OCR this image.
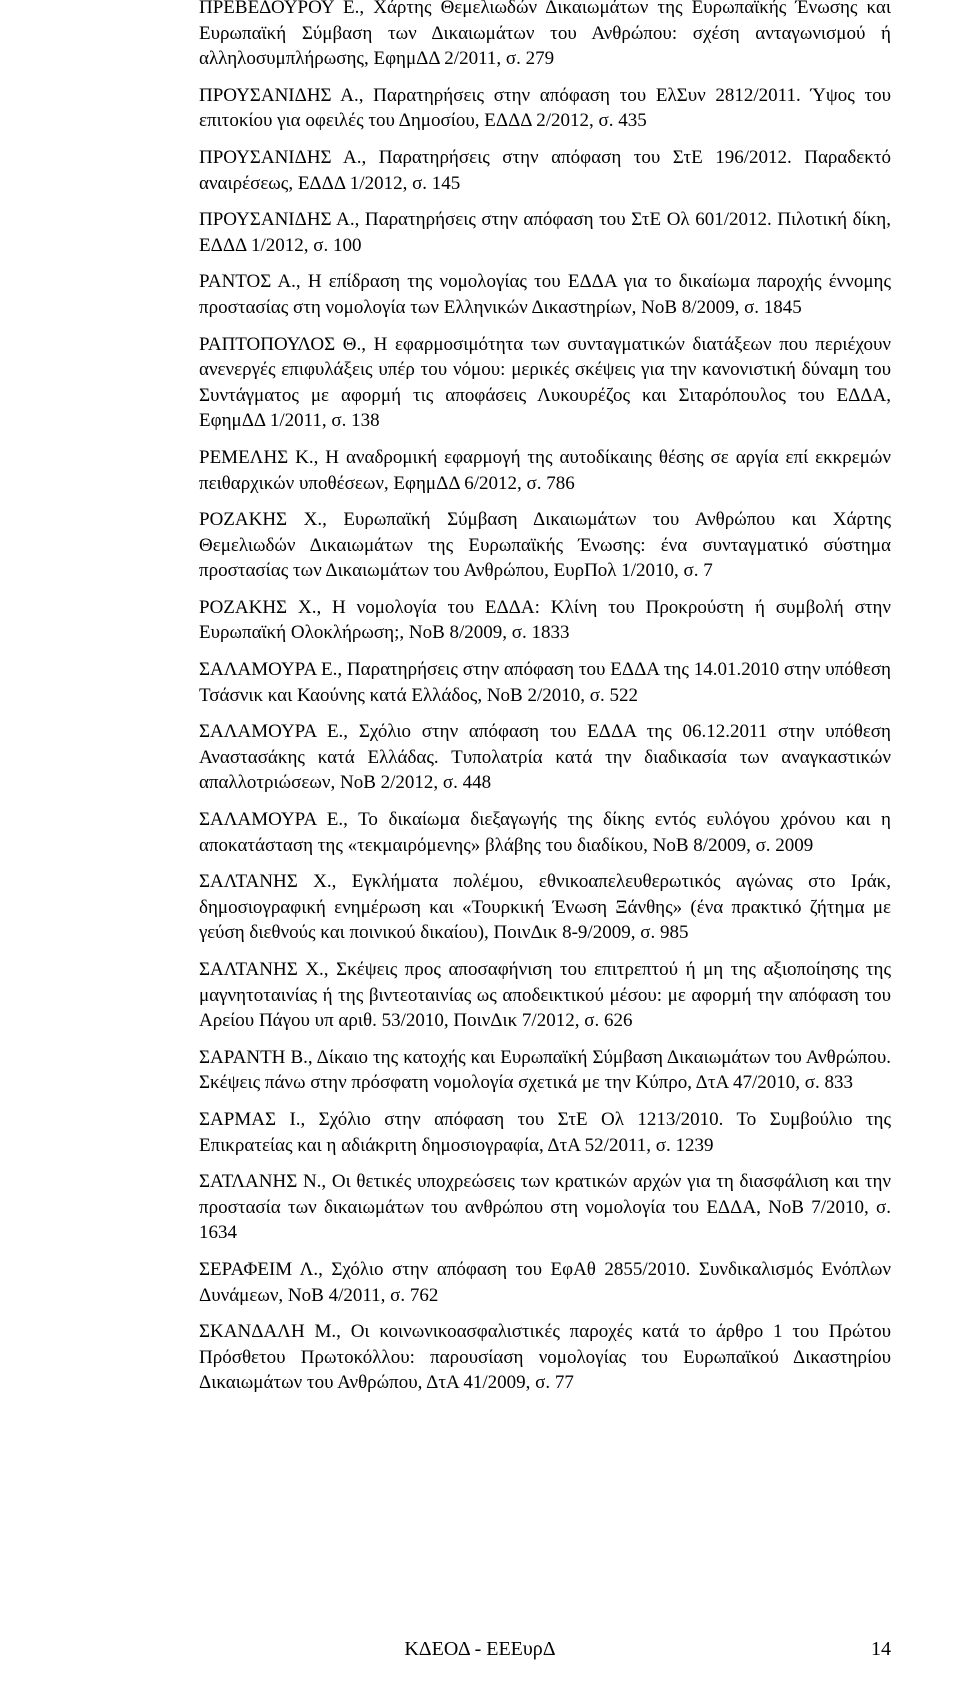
ΠΡΕΒΕΔΟΥΡΟΥ Ε., Χάρτης Θεμελιωδών Δικαιωμάτων της Ευρωπαϊκής Ένωσης και Ευρωπαϊκή Σύμβαση των Δικαιωμάτων του Ανθρώπου: σχέση ανταγωνισμού ή αλληλοσυμπλήρωσης, ΕφημΔΔ 2/2011, σ. 279
ΠΡΟΥΣΑΝΙΔΗΣ Α., Παρατηρήσεις στην απόφαση του ΕλΣυν 2812/2011. Ύψος του επιτοκίου για οφειλές του Δημοσίου, ΕΔΔΔ 2/2012, σ. 435
ΠΡΟΥΣΑΝΙΔΗΣ Α., Παρατηρήσεις στην απόφαση του ΣτΕ 196/2012. Παραδεκτό αναιρέσεως, ΕΔΔΔ 1/2012, σ. 145
ΠΡΟΥΣΑΝΙΔΗΣ Α., Παρατηρήσεις στην απόφαση του ΣτΕ Ολ 601/2012. Πιλοτική δίκη, ΕΔΔΔ 1/2012, σ. 100
ΡΑΝΤΟΣ Α., Η επίδραση της νομολογίας του ΕΔΔΑ για το δικαίωμα παροχής έννομης προστασίας στη νομολογία των Ελληνικών Δικαστηρίων, ΝοΒ 8/2009, σ. 1845
ΡΑΠΤΟΠΟΥΛΟΣ Θ., Η εφαρμοσιμότητα των συνταγματικών διατάξεων που περιέχουν ανενεργές επιφυλάξεις υπέρ του νόμου: μερικές σκέψεις για την κανονιστική δύναμη του Συντάγματος με αφορμή τις αποφάσεις Λυκουρέζος και Σιταρόπουλος του ΕΔΔΑ, ΕφημΔΔ 1/2011, σ. 138
ΡΕΜΕΛΗΣ Κ., Η αναδρομική εφαρμογή της αυτοδίκαιης θέσης σε αργία επί εκκρεμών πειθαρχικών υποθέσεων, ΕφημΔΔ 6/2012, σ. 786
ΡΟΖΑΚΗΣ Χ., Ευρωπαϊκή Σύμβαση Δικαιωμάτων του Ανθρώπου και Χάρτης Θεμελιωδών Δικαιωμάτων της Ευρωπαϊκής Ένωσης: ένα συνταγματικό σύστημα προστασίας των Δικαιωμάτων του Ανθρώπου, ΕυρΠολ 1/2010, σ. 7
ΡΟΖΑΚΗΣ Χ., Η νομολογία του ΕΔΔΑ: Κλίνη του Προκρούστη ή συμβολή στην Ευρωπαϊκή Ολοκλήρωση;, ΝοΒ 8/2009, σ. 1833
ΣΑΛΑΜΟΥΡΑ Ε., Παρατηρήσεις στην απόφαση του ΕΔΔΑ της 14.01.2010 στην υπόθεση Τσάσνικ και Καούνης κατά Ελλάδος, ΝοΒ 2/2010, σ. 522
ΣΑΛΑΜΟΥΡΑ Ε., Σχόλιο στην απόφαση του ΕΔΔΑ της 06.12.2011 στην υπόθεση Αναστασάκης κατά Ελλάδας. Τυπολατρία κατά την διαδικασία των αναγκαστικών απαλλοτριώσεων, ΝοΒ 2/2012, σ. 448
ΣΑΛΑΜΟΥΡΑ Ε., Το δικαίωμα διεξαγωγής της δίκης εντός ευλόγου χρόνου και η αποκατάσταση της «τεκμαιρόμενης» βλάβης του διαδίκου, ΝοΒ 8/2009, σ. 2009
ΣΑΛΤΑΝΗΣ Χ., Εγκλήματα πολέμου, εθνικοαπελευθερωτικός αγώνας στο Ιράκ, δημοσιογραφική ενημέρωση και «Τουρκική Ένωση Ξάνθης» (ένα πρακτικό ζήτημα με γεύση διεθνούς και ποινικού δικαίου), ΠοινΔικ 8-9/2009, σ. 985
ΣΑΛΤΑΝΗΣ Χ., Σκέψεις προς αποσαφήνιση του επιτρεπτού ή μη της αξιοποίησης της μαγνητοταινίας ή της βιντεοταινίας ως αποδεικτικού μέσου: με αφορμή την απόφαση του Αρείου Πάγου υπ αριθ. 53/2010, ΠοινΔικ 7/2012, σ. 626
ΣΑΡΑΝΤΗ Β., Δίκαιο της κατοχής και Ευρωπαϊκή Σύμβαση Δικαιωμάτων του Ανθρώπου. Σκέψεις πάνω στην πρόσφατη νομολογία σχετικά με την Κύπρο, ΔτΑ 47/2010, σ. 833
ΣΑΡΜΑΣ Ι., Σχόλιο στην απόφαση του ΣτΕ Ολ 1213/2010. Το Συμβούλιο της Επικρατείας και η αδιάκριτη δημοσιογραφία, ΔτΑ 52/2011, σ. 1239
ΣΑΤΛΑΝΗΣ Ν., Οι θετικές υποχρεώσεις των κρατικών αρχών για τη διασφάλιση και την προστασία των δικαιωμάτων του ανθρώπου στη νομολογία του ΕΔΔΑ, ΝοΒ 7/2010, σ. 1634
ΣΕΡΑΦΕΙΜ Λ., Σχόλιο στην απόφαση του ΕφΑθ 2855/2010. Συνδικαλισμός Ενόπλων Δυνάμεων, ΝοΒ 4/2011, σ. 762
ΣΚΑΝΔΑΛΗ Μ., Οι κοινωνικοασφαλιστικές παροχές κατά το άρθρο 1 του Πρώτου Πρόσθετου Πρωτοκόλλου: παρουσίαση νομολογίας του Ευρωπαϊκού Δικαστηρίου Δικαιωμάτων του Ανθρώπου, ΔτΑ 41/2009, σ. 77
ΚΔΕΟΔ - ΕΕΕυρΔ	14
